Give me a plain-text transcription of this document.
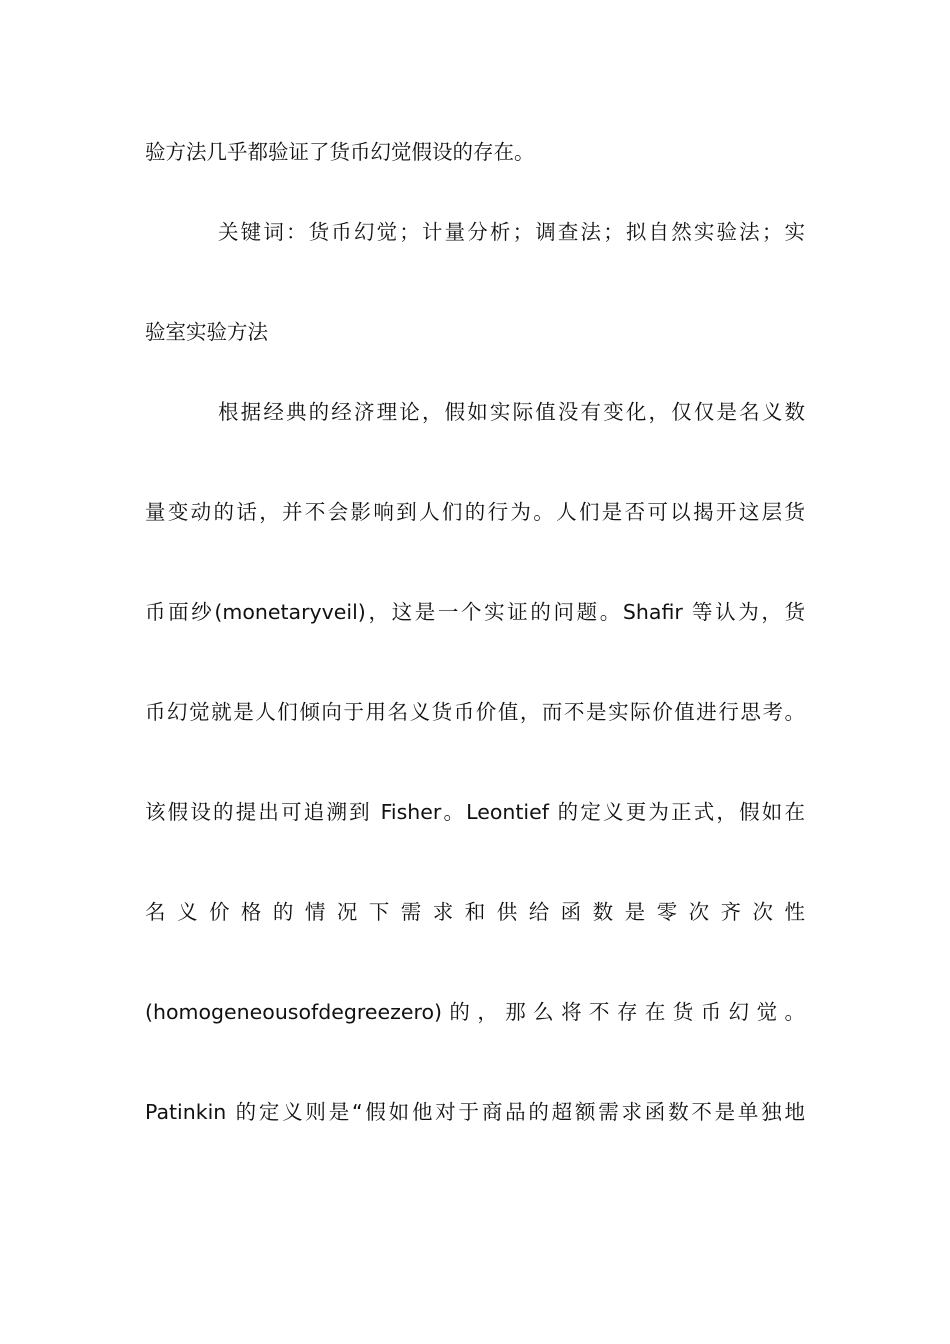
验方法几乎都验证了货币幻觉假设的存在。
关键词：货币幻觉；计量分析；调查法；拟自然实验法；实
验室实验方法
根据经典的经济理论，假如实际值没有变化，仅仅是名义数
量变动的话，并不会影响到人们的行为。人们是否可以揭开这层货
币面纱(monetaryveil)，这是一个实证的问题。Shafir 等认为，货
币幻觉就是人们倾向于用名义货币价值，而不是实际价值进行思考。
该假设的提出可追溯到 Fisher。Leontief 的定义更为正式，假如在
名义价格的情况下需求和供给函数是零次齐次性
(homogeneousofdegreezero)的，那么将不存在货币幻觉。
Patinkin 的定义则是“假如他对于商品的超额需求函数不是单独地
